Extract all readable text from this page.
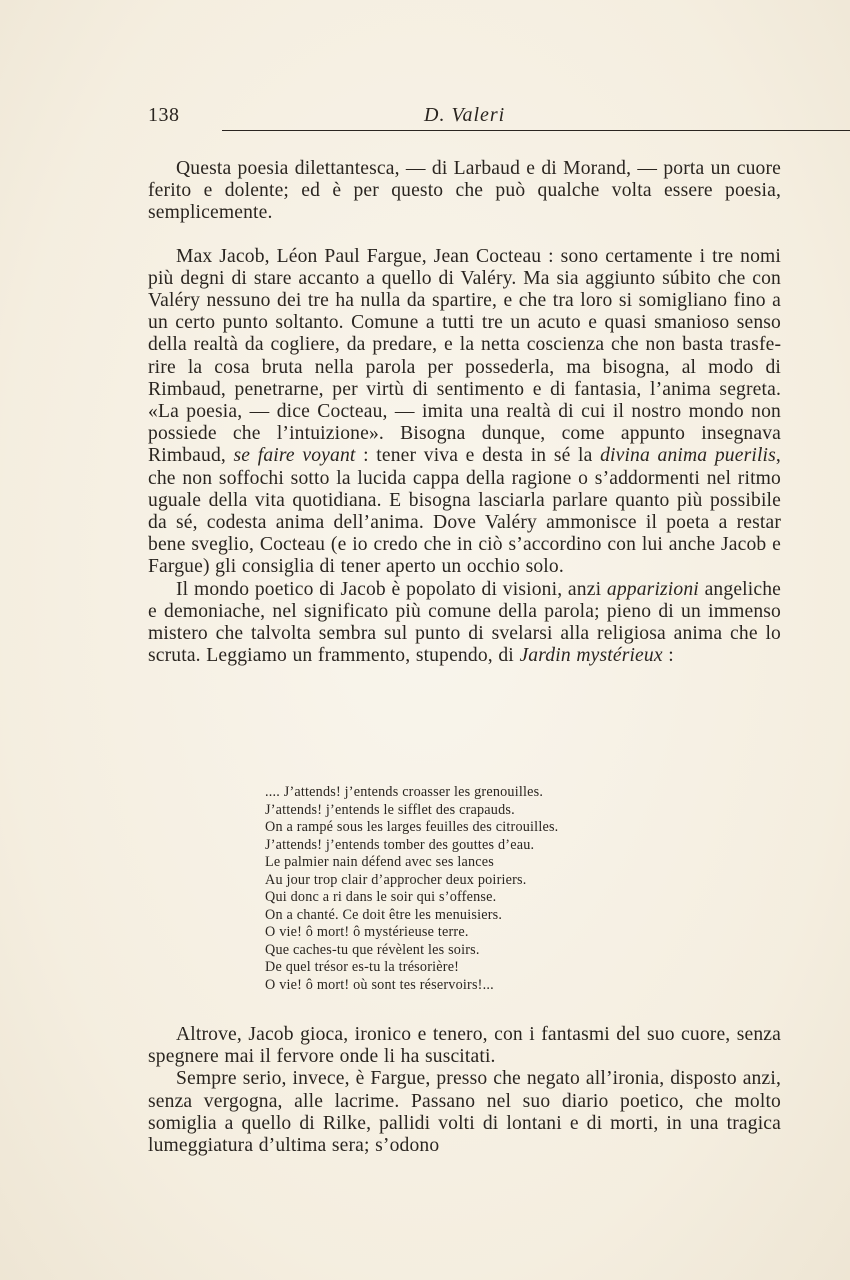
138	D. Valeri

Questa poesia dilettantesca, — di Larbaud e di Morand, — porta un cuore ferito e dolente; ed è per questo che può qualche volta essere poesia, semplicemente.

Max Jacob, Léon Paul Fargue, Jean Cocteau : sono certamente i tre nomi più degni di stare accanto a quello di Valéry. Ma sia aggiunto súbito che con Valéry nessuno dei tre ha nulla da spartire, e che tra loro si somigliano fino a un certo punto soltanto. Comune a tutti tre un acuto e quasi smanioso senso della realtà da cogliere, da predare, e la netta coscienza che non basta trasferire la cosa bruta nella parola per possederla, ma bisogna, al modo di Rimbaud, penetrarne, per virtù di sentimento e di fantasia, l’anima segreta. «La poesia, — dice Cocteau, — imita una realtà di cui il nostro mondo non possiede che l’intuizione». Bisogna dunque, come appunto insegnava Rimbaud, se faire voyant : tener viva e desta in sé la divina anima puerilis, che non soffochi sotto la lucida cappa della ragione o s’addormenti nel ritmo uguale della vita quotidiana. E bisogna lasciarla parlare quanto più possibile da sé, codesta anima dell’anima. Dove Valéry ammonisce il poeta a restar bene sveglio, Cocteau (e io credo che in ciò s’accordino con lui anche Jacob e Fargue) gli consiglia di tener aperto un occhio solo.

Il mondo poetico di Jacob è popolato di visioni, anzi apparizioni angeliche e demoniache, nel significato più comune della parola; pieno di un immenso mistero che talvolta sembra sul punto di svelarsi alla religiosa anima che lo scruta. Leggiamo un frammento, stupendo, di Jardin mystérieux :

.... J’attends! j’entends croasser les grenouilles.
J’attends! j’entends le sifflet des crapauds.
On a rampé sous les larges feuilles des citrouilles.
J’attends! j’entends tomber des gouttes d’eau.
Le palmier nain défend avec ses lances
Au jour trop clair d’approcher deux poiriers.
Qui donc a ri dans le soir qui s’offense.
On a chanté. Ce doit être les menuisiers.
O vie! ô mort! ô mystérieuse terre.
Que caches-tu que révèlent les soirs.
De quel trésor es-tu la trésorière!
O vie! ô mort! où sont tes réservoirs!...

Altrove, Jacob gioca, ironico e tenero, con i fantasmi del suo cuore, senza spegnere mai il fervore onde li ha suscitati.

Sempre serio, invece, è Fargue, presso che negato all’ironia, disposto anzi, senza vergogna, alle lacrime. Passano nel suo diario poetico, che molto somiglia a quello di Rilke, pallidi volti di lontani e di morti, in una tragica lumeggiatura d’ultima sera; s’odono
